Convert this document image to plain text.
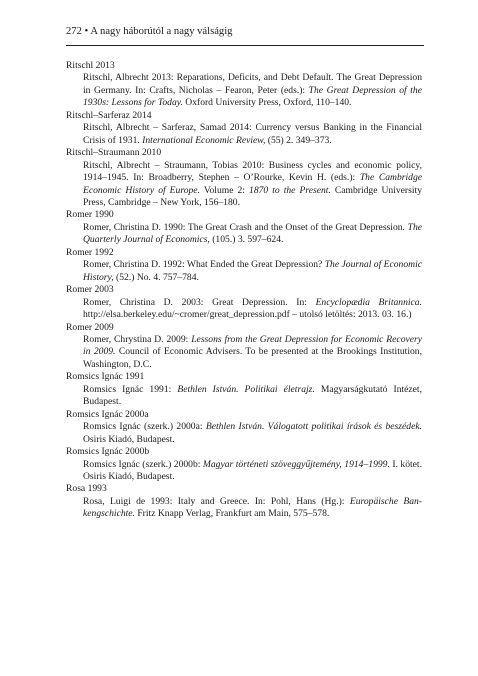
272 • A nagy háborútól a nagy válságig

Ritschl 2013

Ritschl, Albrecht 2013: Reparations, Deficits, and Debt Default. The Great Depression in Germany. In: Crafts, Nicholas – Fearon, Peter (eds.): The Great Depression of the 1930s: Lessons for Today. Oxford University Press, Oxford, 110–140.

Ritschl–Sarferaz 2014

Ritschl, Albrecht – Sarferaz, Samad 2014: Currency versus Banking in the Financial Crisis of 1931. International Economic Review, (55) 2. 349–373.

Ritschl–Straumann 2010

Ritschl, Albrecht – Straumann, Tobias 2010: Business cycles and economic policy, 1914–1945. In: Broadberry, Stephen – O’Rourke, Kevin H. (eds.): The Cambridge Economic History of Europe. Volume 2: 1870 to the Present. Cambridge University Press, Cambridge – New York, 156–180.

Romer 1990

Romer, Christina D. 1990: The Great Crash and the Onset of the Great Depression. The Quarterly Journal of Economics, (105.) 3. 597–624.

Romer 1992

Romer, Christina D. 1992: What Ended the Great Depression? The Journal of Economic History, (52.) No. 4. 757–784.

Romer 2003

Romer, Christina D. 2003: Great Depression. In: Encyclopædia Britannica. http://elsa.berkeley.edu/~cromer/great_depression.pdf – utolsó letöltés: 2013. 03. 16.)

Romer 2009

Romer, Chrystina D. 2009: Lessons from the Great Depression for Economic Recovery in 2009. Council of Economic Advisers. To be presented at the Brookings Institution, Washington, D.C.

Romsics Ignác 1991

Romsics Ignác 1991: Bethlen István. Politikai életrajz. Magyarságkutató Intézet, Budapest.

Romsics Ignác 2000a

Romsics Ignác (szerk.) 2000a: Bethlen István. Válogatott politikai írások és beszédek. Osiris Kiadó, Budapest.

Romsics Ignác 2000b

Romsics Ignác (szerk.) 2000b: Magyar történeti szöveggyűjtemény, 1914–1999. I. kötet. Osiris Kiadó, Budapest.

Rosa 1993

Rosa, Luigi de 1993: Italy and Greece. In: Pohl, Hans (Hg.): Europäische Bankengschichte. Fritz Knapp Verlag, Frankfurt am Main, 575–578.
